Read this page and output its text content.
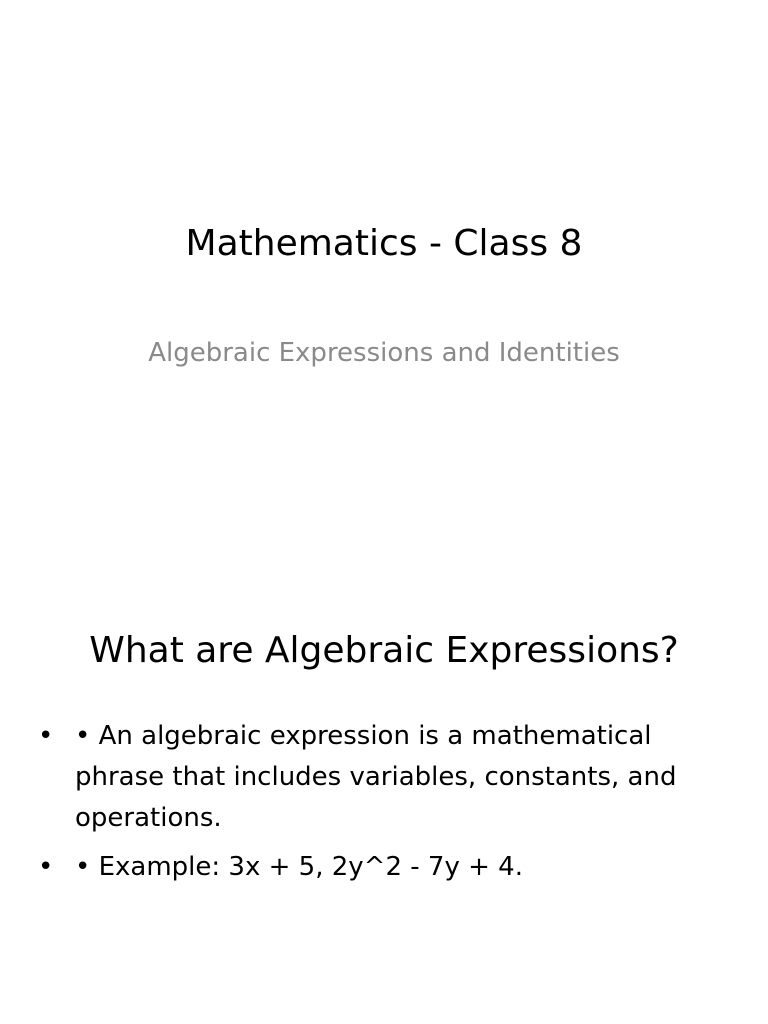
Mathematics - Class 8
Algebraic Expressions and Identities
What are Algebraic Expressions?
• • An algebraic expression is a mathematical phrase that includes variables, constants, and operations.
• • Example: 3x + 5, 2y^2 - 7y + 4.
